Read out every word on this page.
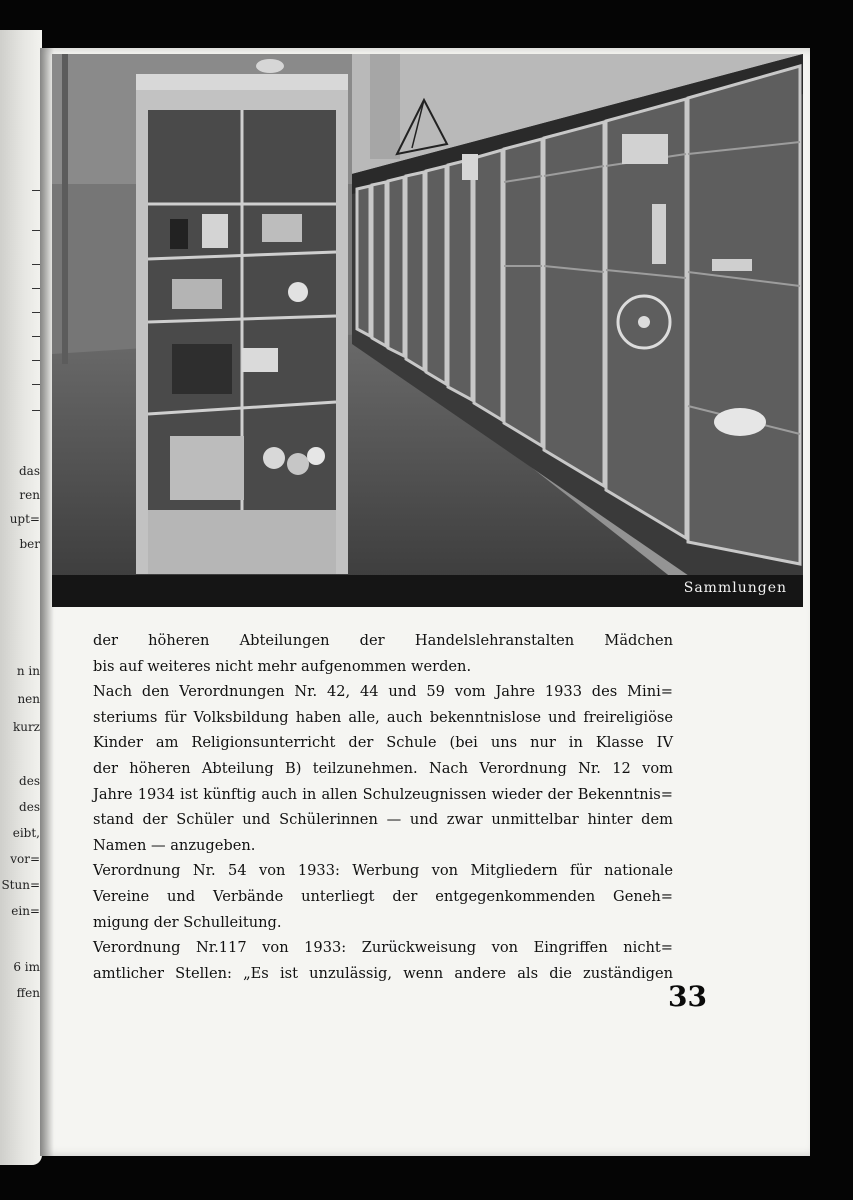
das
ren
upt=
ber
n in
nen
kurz
des
des
eibt,
vor=
Stun=
ein=
6 im
ffen
Sammlungen
der höheren Abteilungen der Handelslehranstalten Mädchen
bis auf weiteres nicht mehr aufgenommen werden.
Nach den Verordnungen Nr. 42, 44 und 59 vom Jahre 1933 des Mini=
steriums für Volksbildung haben alle, auch bekenntnislose und freireligiöse
Kinder am Religionsunterricht der Schule (bei uns nur in Klasse IV
der höheren Abteilung B) teilzunehmen. Nach Verordnung Nr. 12 vom
Jahre 1934 ist künftig auch in allen Schulzeugnissen wieder der Bekenntnis=
stand der Schüler und Schülerinnen — und zwar unmittelbar hinter dem
Namen — anzugeben.
Verordnung Nr. 54 von 1933: Werbung von Mitgliedern für nationale
Vereine und Verbände unterliegt der entgegenkommenden Geneh=
migung der Schulleitung.
Verordnung Nr.117 von 1933: Zurückweisung von Eingriffen nicht=
amtlicher Stellen: „Es ist unzulässig, wenn andere als die zuständigen
33
